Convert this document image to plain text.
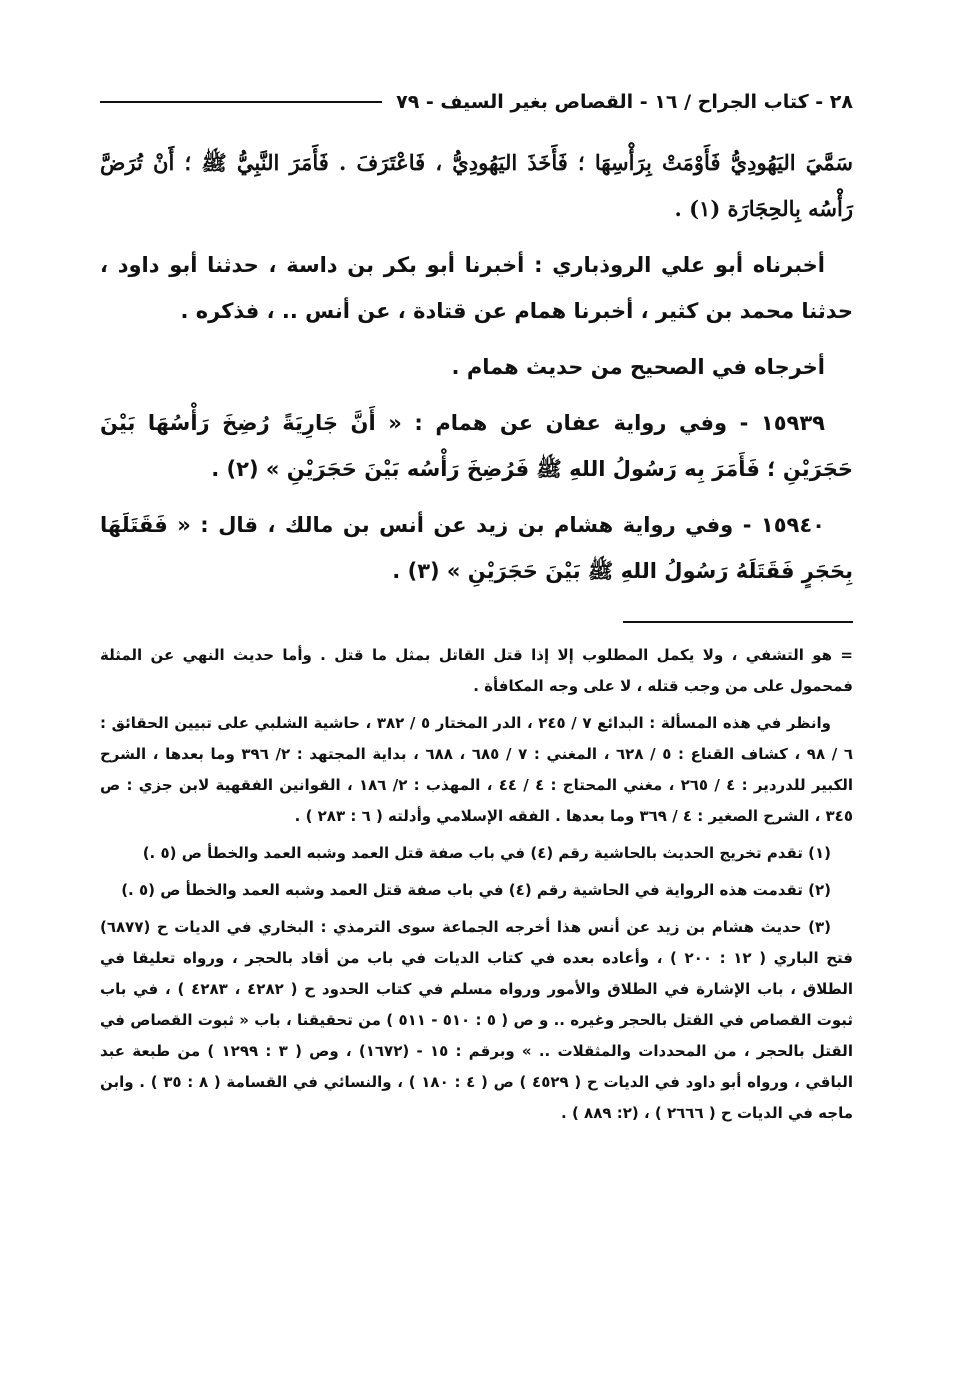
٢٨ - كتاب الجراح / ١٦ - القصاص بغير السيف - ٧٩

سَمَّيَ اليَهُودِيُّ فَأَوْمَتْ بِرَأْسِهَا ؛ فَأَخَذَ اليَهُودِيُّ ، فَاعْتَرَفَ . فَأَمَرَ النَّبِيُّ ﷺ ؛ أَنْ تُرَضَّ رَأْسُه بِالحِجَارَة (١) .

أخبرناه أبو علي الروذباري : أخبرنا أبو بكر بن داسة ، حدثنا أبو داود ، حدثنا محمد بن كثير ، أخبرنا همام عن قتادة ، عن أنس .. ، فذكره .

أخرجاه في الصحيح من حديث همام .

١٥٩٣٩ - وفي رواية عفان عن همام : « أَنَّ جَارِيَةً رُضِخَ رَأْسُهَا بَيْنَ حَجَرَيْنِ ؛ فَأَمَرَ بِه رَسُولُ اللهِ ﷺ فَرُضِخَ رَأْسُه بَيْنَ حَجَرَيْنِ » (٢) .

١٥٩٤٠ - وفي رواية هشام بن زيد عن أنس بن مالك ، قال : « فَقَتَلَهَا بِحَجَرٍ فَقَتَلَهُ رَسُولُ اللهِ ﷺ بَيْنَ حَجَرَيْنِ » (٣) .

= هو التشفي ، ولا يكمل المطلوب إلا إذا قتل القاتل بمثل ما قتل . وأما حديث النهي عن المثلة فمحمول على من وجب قتله ، لا على وجه المكافأة .

وانظر في هذه المسألة : البدائع ٧ / ٢٤٥ ، الدر المختار ٥ / ٣٨٢ ، حاشية الشلبي على تبيين الحقائق : ٦ / ٩٨ ، كشاف القناع : ٥ / ٦٢٨ ، المغني : ٧ / ٦٨٥ ، ٦٨٨ ، بداية المجتهد : ٢/ ٣٩٦ وما بعدها ، الشرح الكبير للدردير : ٤ / ٢٦٥ ، مغني المحتاج : ٤ / ٤٤ ، المهذب : ٢/ ١٨٦ ، القوانين الفقهية لابن جزي : ص ٣٤٥ ، الشرح الصغير : ٤ / ٣٦٩ وما بعدها . الفقه الإسلامي وأدلته ( ٦ : ٢٨٣ ) .

(١) تقدم تخريج الحديث بالحاشية رقم (٤) في باب صفة قتل العمد وشبه العمد والخطأ ص (٥ .)

(٢) تقدمت هذه الرواية في الحاشية رقم (٤) في باب صفة قتل العمد وشبه العمد والخطأ ص (٥ .)

(٣) حديث هشام بن زيد عن أنس هذا أخرجه الجماعة سوى الترمذي : البخاري في الديات ح (٦٨٧٧) فتح الباري ( ١٢ : ٢٠٠ ) ، وأعاده بعده في كتاب الديات في باب من أقاد بالحجر ، ورواه تعليقا في الطلاق ، باب الإشارة في الطلاق والأمور ورواه مسلم في كتاب الحدود ح ( ٤٢٨٢ ، ٤٢٨٣ ) ، في باب ثبوت القصاص في القتل بالحجر وغيره .. و ص ( ٥ : ٥١٠ - ٥١١ ) من تحقيقنا ، باب « ثبوت القصاص في القتل بالحجر ، من المحددات والمثقلات .. » وبرقم : ١٥ - (١٦٧٢) ، وص ( ٣ : ١٢٩٩ ) من طبعة عبد الباقي ، ورواه أبو داود في الديات ح ( ٤٥٢٩ ) ص ( ٤ : ١٨٠ ) ، والنسائي في القسامة ( ٨ : ٣٥ ) . وابن ماجه في الديات ح ( ٢٦٦٦ ) ، (٢: ٨٨٩ ) .
